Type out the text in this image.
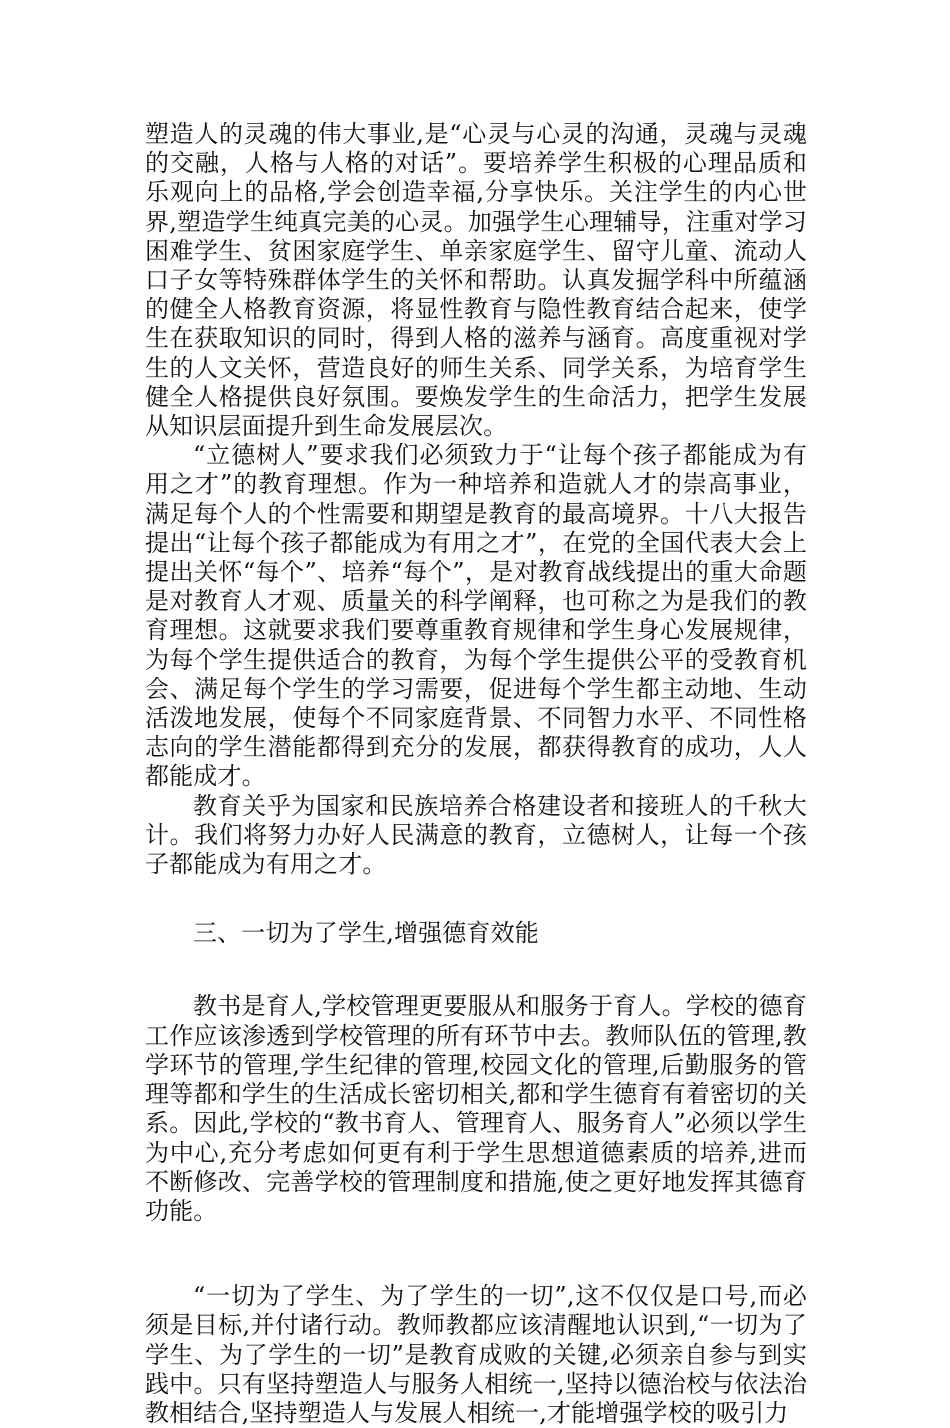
塑造人的灵魂的伟大事业,是“心灵与心灵的沟通，灵魂与灵魂的交融，人格与人格的对话”。要培养学生积极的心理品质和乐观向上的品格,学会创造幸福,分享快乐。关注学生的内心世界,塑造学生纯真完美的心灵。加强学生心理辅导，注重对学习困难学生、贫困家庭学生、单亲家庭学生、留守儿童、流动人口子女等特殊群体学生的关怀和帮助。认真发掘学科中所蕴涵的健全人格教育资源，将显性教育与隐性教育结合起来，使学生在获取知识的同时，得到人格的滋养与涵育。高度重视对学生的人文关怀，营造良好的师生关系、同学关系，为培育学生健全人格提供良好氛围。要焕发学生的生命活力，把学生发展从知识层面提升到生命发展层次。

“立德树人”要求我们必须致力于“让每个孩子都能成为有用之才”的教育理想。作为一种培养和造就人才的崇高事业，满足每个人的个性需要和期望是教育的最高境界。十八大报告提出“让每个孩子都能成为有用之才”，在党的全国代表大会上提出关怀“每个”、培养“每个”，是对教育战线提出的重大命题是对教育人才观、质量关的科学阐释，也可称之为是我们的教育理想。这就要求我们要尊重教育规律和学生身心发展规律，为每个学生提供适合的教育，为每个学生提供公平的受教育机会、满足每个学生的学习需要，促进每个学生都主动地、生动活泼地发展，使每个不同家庭背景、不同智力水平、不同性格志向的学生潜能都得到充分的发展，都获得教育的成功，人人都能成才。

教育关乎为国家和民族培养合格建设者和接班人的千秋大计。我们将努力办好人民满意的教育，立德树人，让每一个孩子都能成为有用之才。

三、一切为了学生,增强德育效能

教书是育人,学校管理更要服从和服务于育人。学校的德育工作应该渗透到学校管理的所有环节中去。教师队伍的管理,教学环节的管理,学生纪律的管理,校园文化的管理,后勤服务的管理等都和学生的生活成长密切相关,都和学生德育有着密切的关系。因此,学校的“教书育人、管理育人、服务育人”必须以学生为中心,充分考虑如何更有利于学生思想道德素质的培养,进而不断修改、完善学校的管理制度和措施,使之更好地发挥其德育功能。

“一切为了学生、为了学生的一切”,这不仅仅是口号,而必须是目标,并付诸行动。教师教都应该清醒地认识到,“一切为了学生、为了学生的一切”是教育成败的关键,必须亲自参与到实践中。只有坚持塑造人与服务人相统一,坚持以德治校与依法治教相结合,坚持塑造人与发展人相统一,才能增强学校的吸引力
